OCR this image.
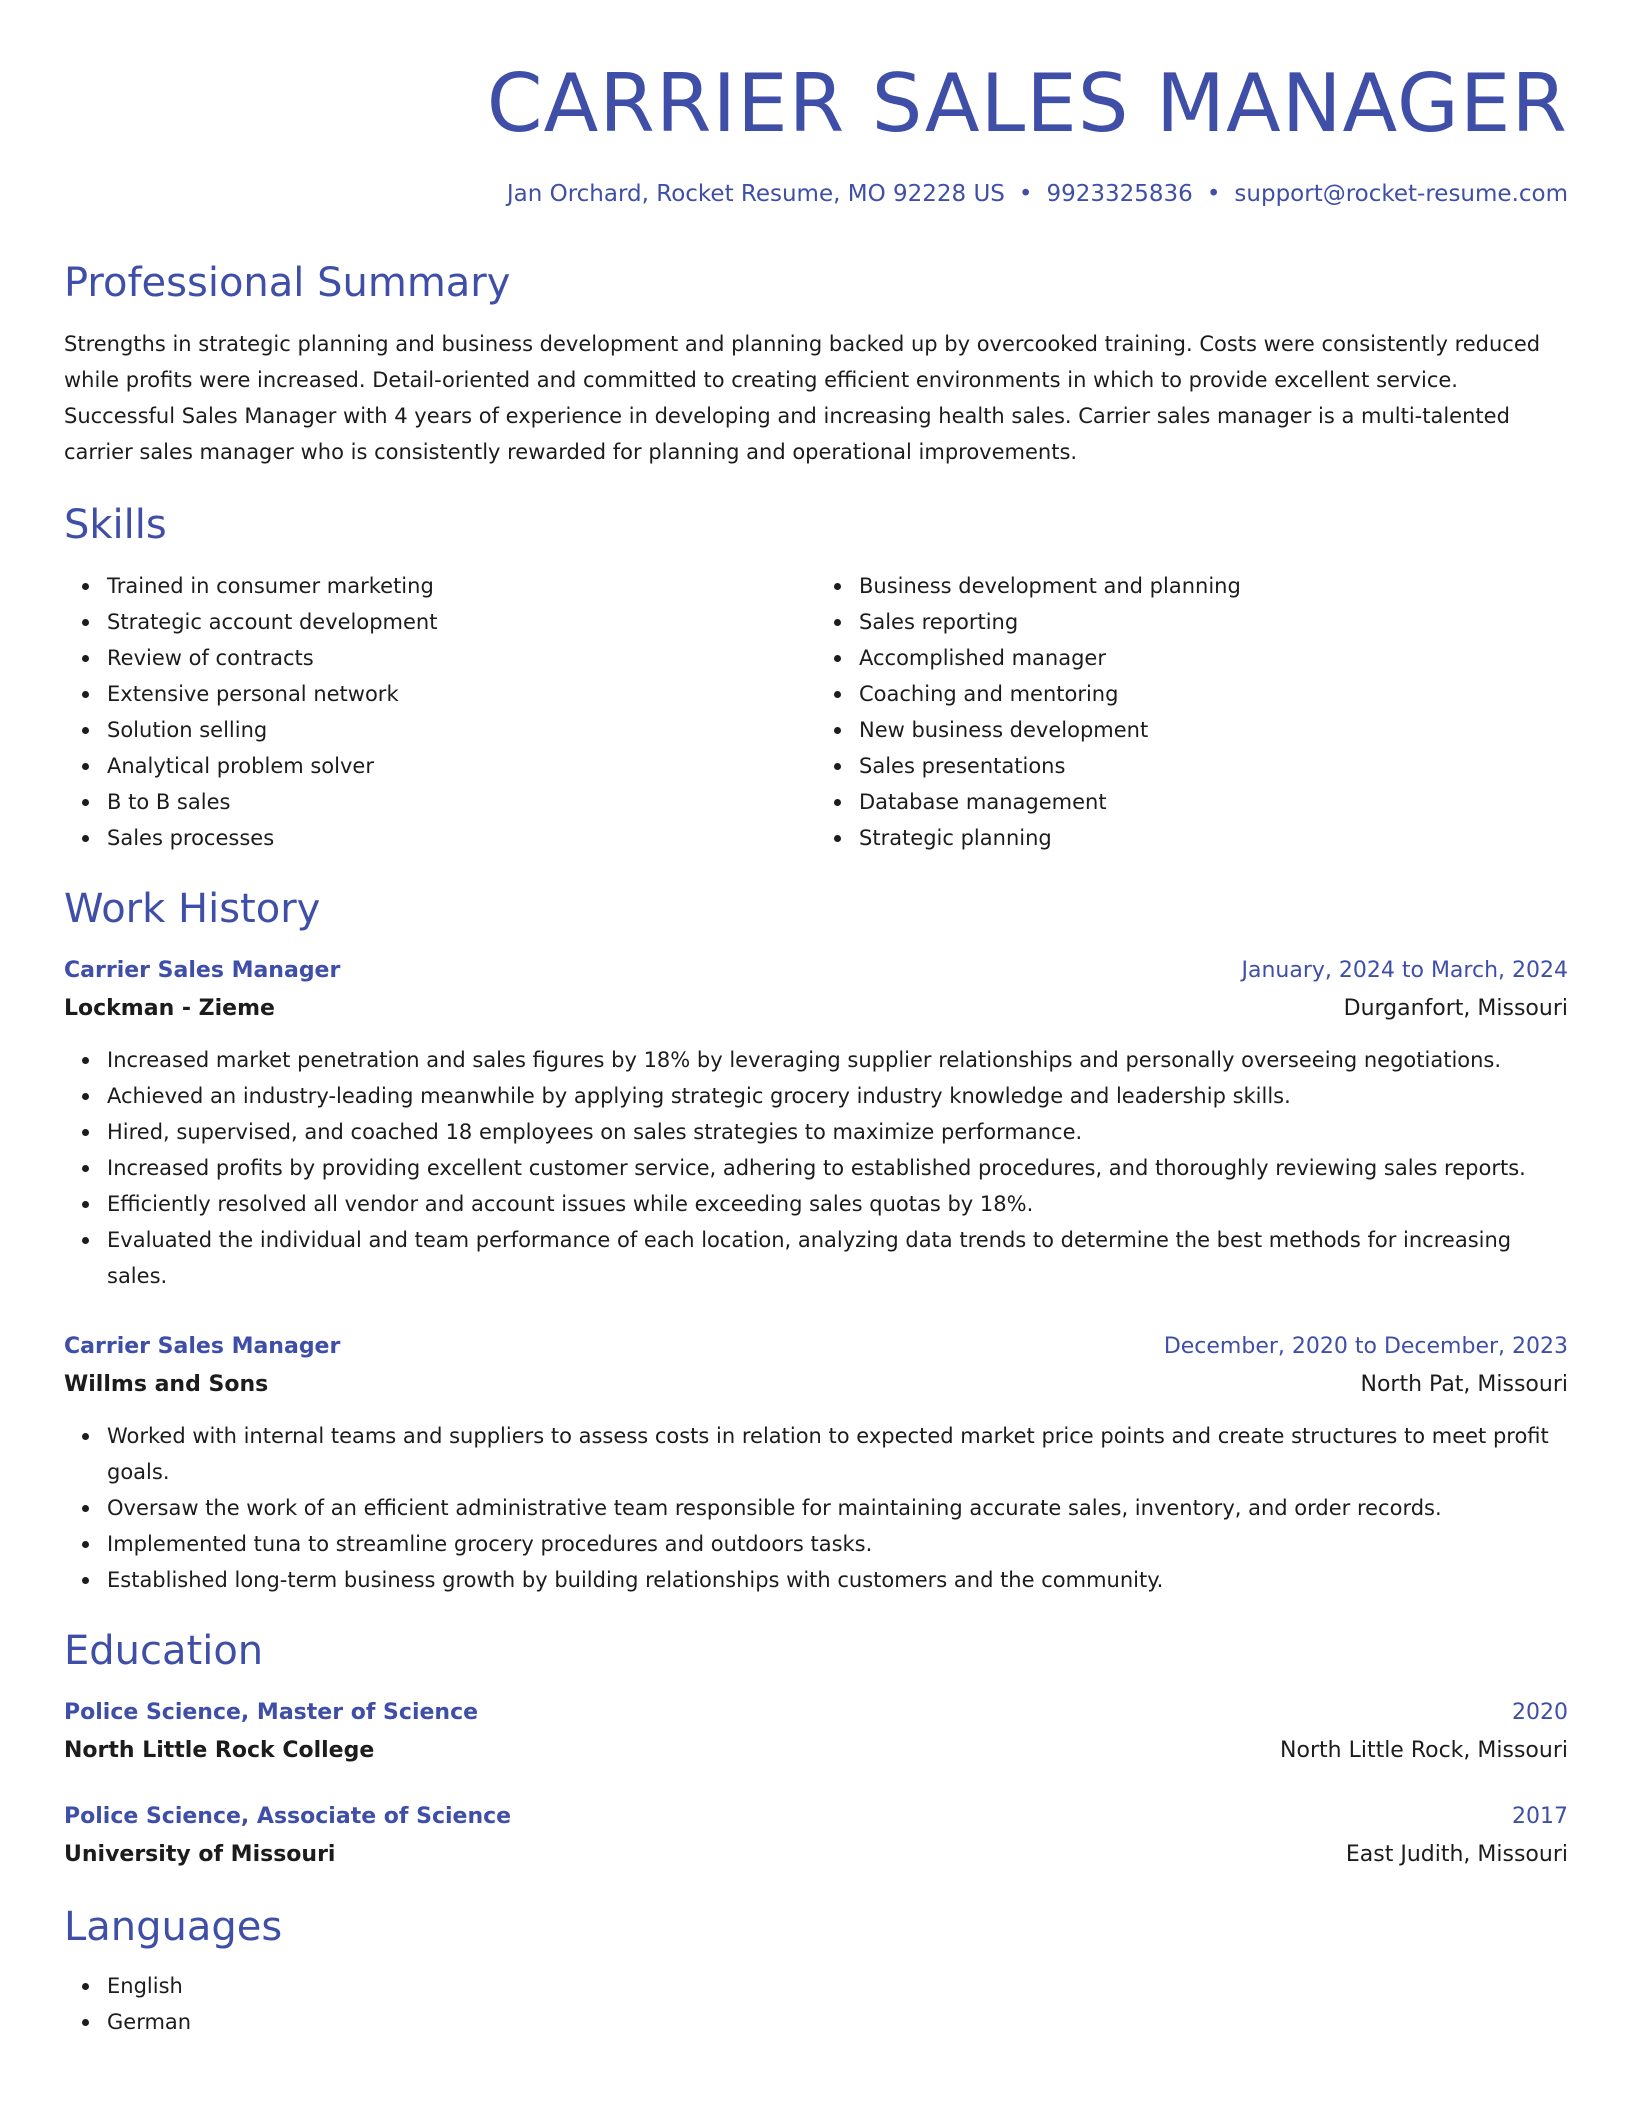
CARRIER SALES MANAGER
Jan Orchard, Rocket Resume, MO 92228 US • 9923325836 • support@rocket-resume.com
Professional Summary

Strengths in strategic planning and business development and planning backed up by overcooked training. Costs were consistently reduced while profits were increased. Detail-oriented and committed to creating efficient environments in which to provide excellent service. Successful Sales Manager with 4 years of experience in developing and increasing health sales. Carrier sales manager is a multi-talented carrier sales manager who is consistently rewarded for planning and operational improvements.

Skills
Trained in consumer marketing
Strategic account development
Review of contracts
Extensive personal network
Solution selling
Analytical problem solver
B to B sales
Sales processes
Business development and planning
Sales reporting
Accomplished manager
Coaching and mentoring
New business development
Sales presentations
Database management
Strategic planning
Work History
Carrier Sales Manager	January, 2024 to March, 2024
Lockman - Zieme	Durganfort, Missouri
Increased market penetration and sales figures by 18% by leveraging supplier relationships and personally overseeing negotiations.
Achieved an industry-leading meanwhile by applying strategic grocery industry knowledge and leadership skills.
Hired, supervised, and coached 18 employees on sales strategies to maximize performance.
Increased profits by providing excellent customer service, adhering to established procedures, and thoroughly reviewing sales reports.
Efficiently resolved all vendor and account issues while exceeding sales quotas by 18%.
Evaluated the individual and team performance of each location, analyzing data trends to determine the best methods for increasing sales.
Carrier Sales Manager	December, 2020 to December, 2023
Willms and Sons	North Pat, Missouri
Worked with internal teams and suppliers to assess costs in relation to expected market price points and create structures to meet profit goals.
Oversaw the work of an efficient administrative team responsible for maintaining accurate sales, inventory, and order records.
Implemented tuna to streamline grocery procedures and outdoors tasks.
Established long-term business growth by building relationships with customers and the community.
Education
Police Science, Master of Science	2020
North Little Rock College	North Little Rock, Missouri
Police Science, Associate of Science	2017
University of Missouri	East Judith, Missouri
Languages
English
German
